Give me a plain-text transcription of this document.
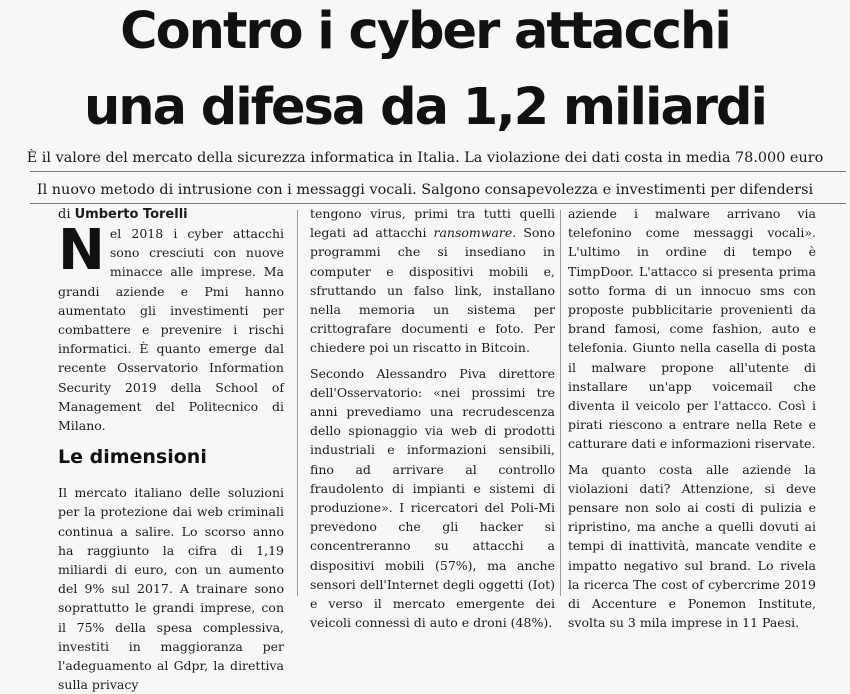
Contro i cyber attacchi
una difesa da 1,2 miliardi
È il valore del mercato della sicurezza informatica in Italia. La violazione dei dati costa in media 78.000 euro
Il nuovo metodo di intrusione con i messaggi vocali. Salgono consapevolezza e investimenti per difendersi
di Umberto Torelli

Nel 2018 i cyber attacchi sono cresciuti con nuove minacce alle imprese. Ma grandi aziende e Pmi hanno aumentato gli investimenti per combattere e prevenire i rischi informatici. È quanto emerge dal recente Osservatorio Information Security 2019 della School of Management del Politecnico di Milano.

Le dimensioni

Il mercato italiano delle soluzioni per la protezione dai web criminali continua a salire. Lo scorso anno ha raggiunto la cifra di 1,19 miliardi di euro, con un aumento del 9% sul 2017. A trainare sono soprattutto le grandi imprese, con il 75% della spesa complessiva, investiti in maggioranza per l'adeguamento al Gdpr, la direttiva sulla privacy

tengono virus, primi tra tutti quelli legati ad attacchi ransomware. Sono programmi che si insediano in computer e dispositivi mobili e, sfruttando un falso link, installano nella memoria un sistema per crittografare documenti e foto. Per chiedere poi un riscatto in Bitcoin.

Secondo Alessandro Piva direttore dell'Osservatorio: «nei prossimi tre anni prevediamo una recrudescenza dello spionaggio via web di prodotti industriali e informazioni sensibili, fino ad arrivare al controllo fraudolento di impianti e sistemi di produzione». I ricercatori del Poli-Mi prevedono che gli hacker si concentreranno su attacchi a dispositivi mobili (57%), ma anche sensori dell'Internet degli oggetti (Iot) e verso il mercato emergente dei veicoli connessi di auto e droni (48%).

aziende i malware arrivano via telefonino come messaggi vocali». L'ultimo in ordine di tempo è TimpDoor. L'attacco si presenta prima sotto forma di un innocuo sms con proposte pubblicitarie provenienti da brand famosi, come fashion, auto e telefonia. Giunto nella casella di posta il malware propone all'utente di installare un'app voicemail che diventa il veicolo per l'attacco. Così i pirati riescono a entrare nella Rete e catturare dati e informazioni riservate.

Ma quanto costa alle aziende la violazioni dati? Attenzione, si deve pensare non solo ai costi di pulizia e ripristino, ma anche a quelli dovuti ai tempi di inattività, mancate vendite e impatto negativo sul brand. Lo rivela la ricerca The cost of cybercrime 2019 di Accenture e Ponemon Institute, svolta su 3 mila imprese in 11 Paesi.
